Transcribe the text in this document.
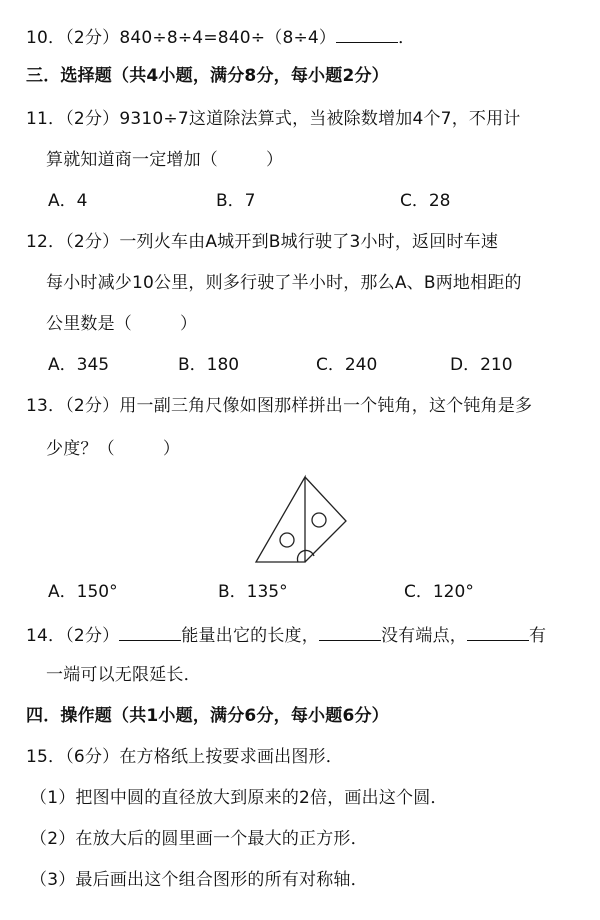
10．（2分）840÷8÷4=840÷（8÷4）	．
三．选择题（共4小题，满分8分，每小题2分）
11．（2分）9310÷7这道除法算式，当被除数增加4个7，不用计
算就知道商一定增加（	）
A．4	B．7	C．28
12．（2分）一列火车由A城开到B城行驶了3小时，返回时车速
每小时减少10公里，则多行驶了半小时，那么A、B两地相距的
公里数是（	）
A．345	B．180	C．240	D．210
13．（2分）用一副三角尺像如图那样拼出一个钝角，这个钝角是多
少度？（	）
A．150°	B．135°	C．120°
14．（2分）	能量出它的长度，	没有端点，	有
一端可以无限延长．
四．操作题（共1小题，满分6分，每小题6分）
15．（6分）在方格纸上按要求画出图形．
（1）把图中圆的直径放大到原来的2倍，画出这个圆．
（2）在放大后的圆里画一个最大的正方形．
（3）最后画出这个组合图形的所有对称轴．
